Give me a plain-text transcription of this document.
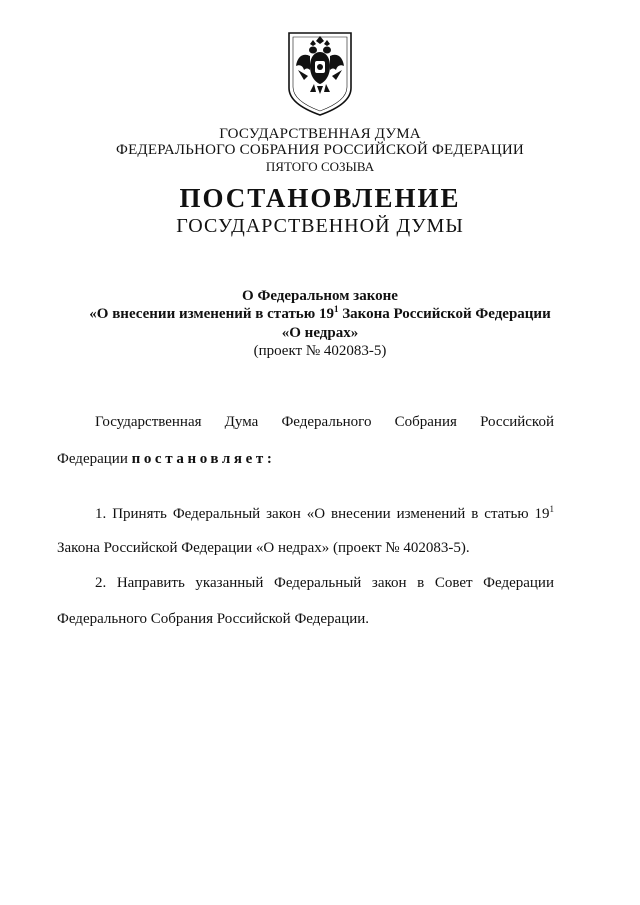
ГОСУДАРСТВЕННАЯ ДУМА
ФЕДЕРАЛЬНОГО СОБРАНИЯ РОССИЙСКОЙ ФЕДЕРАЦИИ
ПЯТОГО СОЗЫВА
ПОСТАНОВЛЕНИЕ
ГОСУДАРСТВЕННОЙ ДУМЫ
О Федеральном законе
«О внесении изменений в статью $19^1$ Закона Российской Федерации
«О недрах»
(проект № 402083-5)
Государственная Дума Федерального Собрания Российской
Федерации постановляет:
1. Принять Федеральный закон «О внесении изменений в статью $19^1$
Закона Российской Федерации «О недрах» (проект № 402083-5).
2. Направить указанный Федеральный закон в Совет Федерации
Федерального Собрания Российской Федерации.
